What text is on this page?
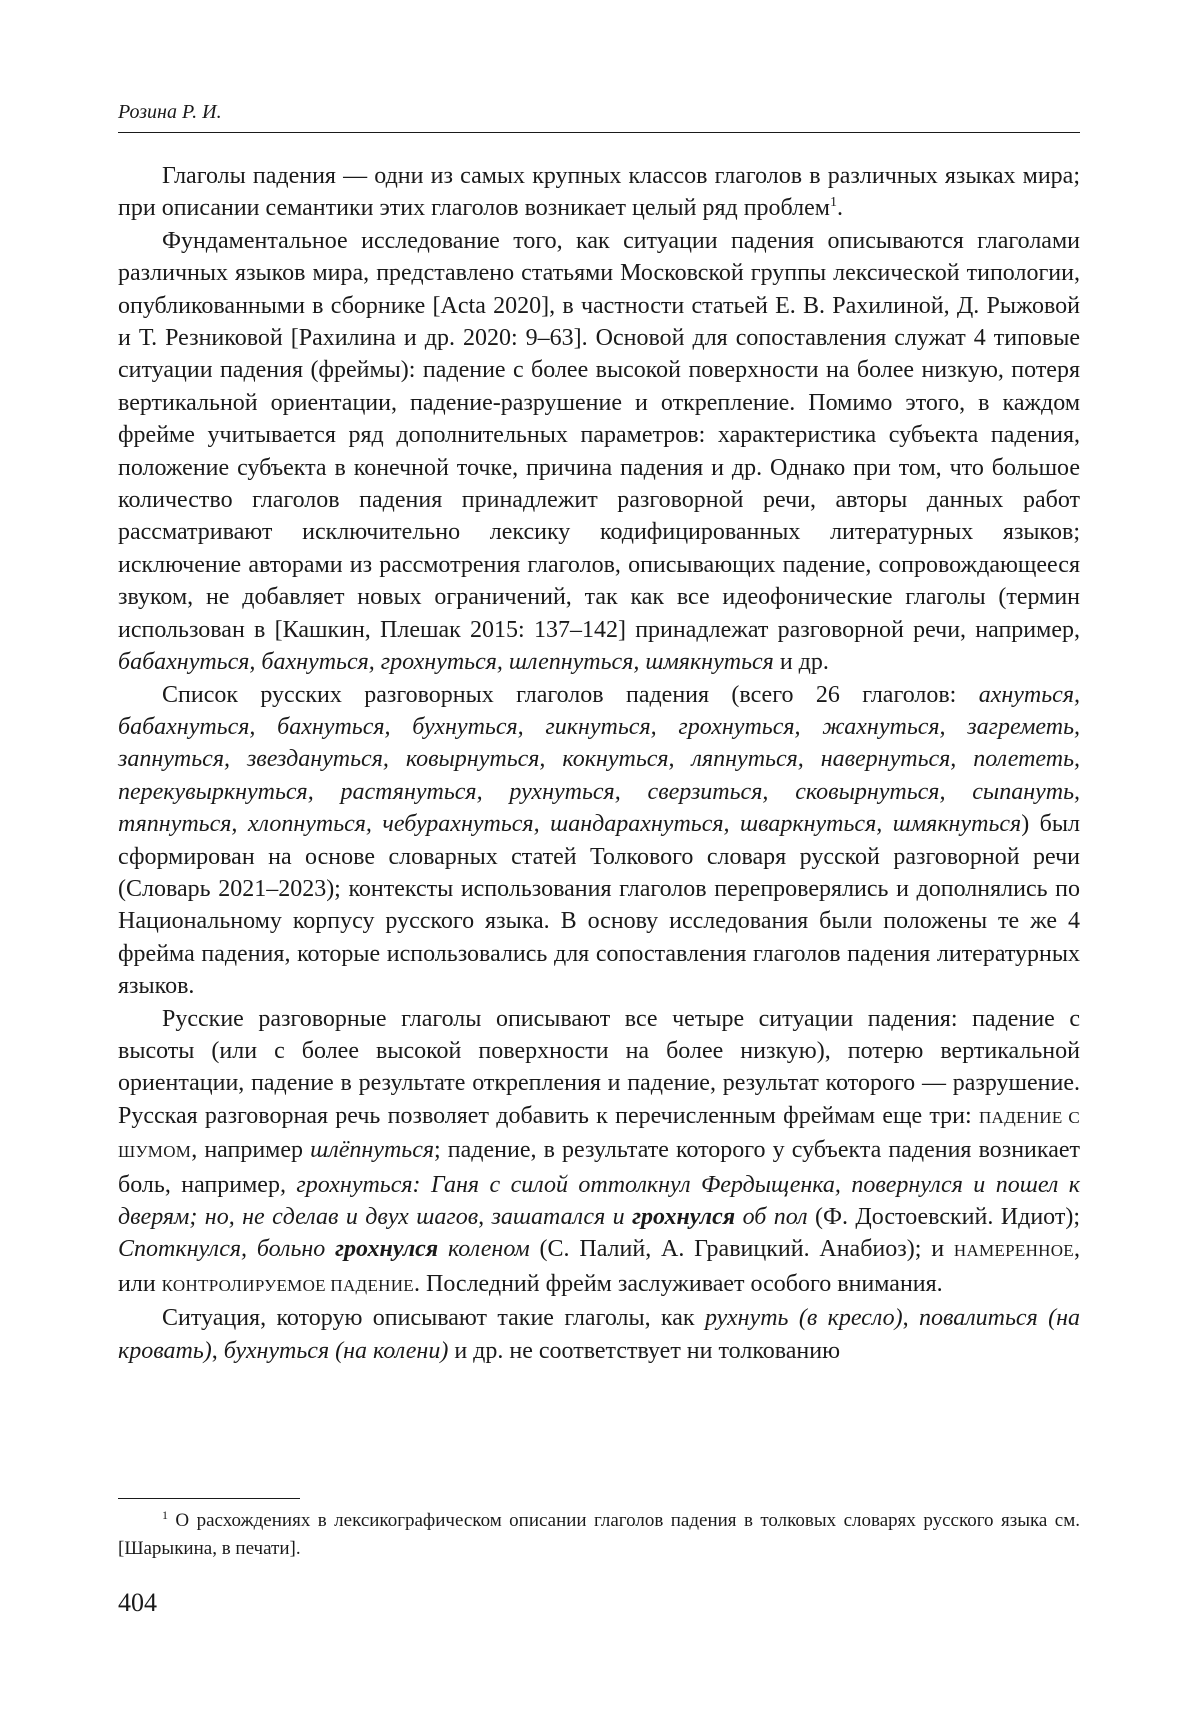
Розина Р. И.

Глаголы падения — одни из самых крупных классов глаголов в различных языках мира; при описании семантики этих глаголов возникает целый ряд проблем$^1$.

Фундаментальное исследование того, как ситуации падения описываются глаголами различных языков мира, представлено статьями Московской группы лексической типологии, опубликованными в сборнике [Acta 2020], в частности статьей Е. В. Рахилиной, Д. Рыжовой и Т. Резниковой [Рахилина и др. 2020: 9–63]. Основой для сопоставления служат 4 типовые ситуации падения (фреймы): падение с более высокой поверхности на более низкую, потеря вертикальной ориентации, падение-разрушение и открепление. Помимо этого, в каждом фрейме учитывается ряд дополнительных параметров: характеристика субъекта падения, положение субъекта в конечной точке, причина падения и др. Однако при том, что большое количество глаголов падения принадлежит разговорной речи, авторы данных работ рассматривают исключительно лексику кодифицированных литературных языков; исключение авторами из рассмотрения глаголов, описывающих падение, сопровождающееся звуком, не добавляет новых ограничений, так как все идеофонические глаголы (термин использован в [Кашкин, Плешак 2015: 137–142] принадлежат разговорной речи, например, бабахнуться, бахнуться, грохнуться, шлепнуться, шмякнуться и др.

Список русских разговорных глаголов падения (всего 26 глаголов: ахнуться, бабахнуться, бахнуться, бухнуться, гикнуться, грохнуться, жахнуться, загреметь, запнуться, звездануться, ковырнуться, кокнуться, ляпнуться, навернуться, полететь, перекувыркнуться, растянуться, рухнуться, сверзиться, сковырнуться, сыпануть, тяпнуться, хлопнуться, чебурахнуться, шандарахнуться, шваркнуться, шмякнуться) был сформирован на основе словарных статей Толкового словаря русской разговорной речи (Словарь 2021–2023); контексты использования глаголов перепроверялись и дополнялись по Национальному корпусу русского языка. В основу исследования были положены те же 4 фрейма падения, которые использовались для сопоставления глаголов падения литературных языков.

Русские разговорные глаголы описывают все четыре ситуации падения: падение с высоты (или с более высокой поверхности на более низкую), потерю вертикальной ориентации, падение в результате открепления и падение, результат которого — разрушение. Русская разговорная речь позволяет добавить к перечисленным фреймам еще три: ПАДЕНИЕ С ШУМОМ, например шлёпнуться; падение, в результате которого у субъекта падения возникает боль, например, грохнуться: Ганя с силой оттолкнул Фердыщенка, повернулся и пошел к дверям; но, не сделав и двух шагов, зашатался и грохнулся об пол (Ф. Достоевский. Идиот); Споткнулся, больно грохнулся коленом (С. Палий, А. Гравицкий. Анабиоз); и НАМЕРЕННОЕ, или КОНТРОЛИРУЕМОЕ ПАДЕНИЕ. Последний фрейм заслуживает особого внимания.

Ситуация, которую описывают такие глаголы, как рухнуть (в кресло), повалиться (на кровать), бухнуться (на колени) и др. не соответствует ни толкованию

$^1$ О расхождениях в лексикографическом описании глаголов падения в толковых словарях русского языка см. [Шарыкина, в печати].

404
